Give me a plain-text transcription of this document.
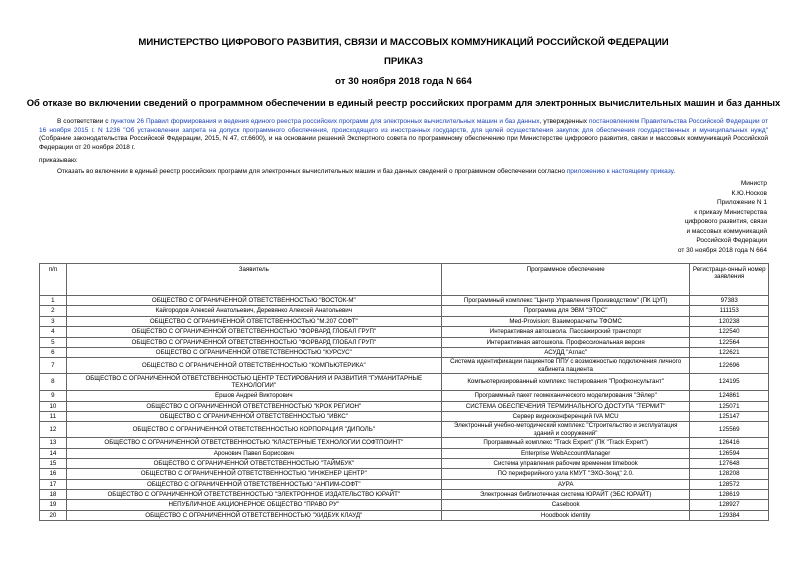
МИНИСТЕРСТВО ЦИФРОВОГО РАЗВИТИЯ, СВЯЗИ И МАССОВЫХ КОММУНИКАЦИЙ РОССИЙСКОЙ ФЕДЕРАЦИИ
ПРИКАЗ
от 30 ноября 2018 года N 664
Об отказе во включении сведений о программном обеспечении в единый реестр российских программ для электронных вычислительных машин и баз данных
В соответствии с пунктом 26 Правил формирования и ведения единого реестра российских программ для электронных вычислительных машин и баз данных, утвержденных постановлением Правительства Российской Федерации от 16 ноября 2015 г. N 1236 "Об установлении запрета на допуск программного обеспечения, происходящего из иностранных государств, для целей осуществления закупок для обеспечения государственных и муниципальных нужд" (Собрание законодательства Российской Федерации, 2015, N 47, ст.6600), и на основании решений Экспертного совета по программному обеспечению при Министерстве цифрового развития, связи и массовых коммуникаций Российской Федерации от 20 ноября 2018 г.
приказываю:
Отказать во включении в единый реестр российских программ для электронных вычислительных машин и баз данных сведений о программном обеспечении согласно приложению к настоящему приказу.
Министр
К.Ю.Носков
Приложение N 1
к приказу Министерства
цифрового развития, связи
и массовых коммуникаций
Российской Федерации
от 30 ноября 2018 года N 664
п/п	Заявитель	Программное обеспечение	Регистраци-онный номер заявления
1	ОБЩЕСТВО С ОГРАНИЧЕННОЙ ОТВЕТСТВЕННОСТЬЮ "ВОСТОК-М"	Программный комплекс "Центр Управления Производством" (ПК ЦУП)	97383
2	Кайгородов Алексей Анатольевич, Деревянко Алексей Анатольевич	Программа для ЭВМ "ЭТОС"	111153
3	ОБЩЕСТВО С ОГРАНИЧЕННОЙ ОТВЕТСТВЕННОСТЬЮ "М.207 СОФТ"	Med-Provision: Взаиморасчеты ТФОМС	120238
4	ОБЩЕСТВО С ОГРАНИЧЕННОЙ ОТВЕТСТВЕННОСТЬЮ "ФОРВАРД ГЛОБАЛ ГРУП"	Интерактивная автошкола. Пассажирский транспорт	122540
5	ОБЩЕСТВО С ОГРАНИЧЕННОЙ ОТВЕТСТВЕННОСТЬЮ "ФОРВАРД ГЛОБАЛ ГРУП"	Интерактивная автошкола. Профессиональная версия	122564
6	ОБЩЕСТВО С ОГРАНИЧЕННОЙ ОТВЕТСТВЕННОСТЬЮ "КУРСУС"	АСУДД "Аглас"	122621
7	ОБЩЕСТВО С ОГРАНИЧЕННОЙ ОТВЕТСТВЕННОСТЬЮ "КОМПЬЮТЕРИКА"	Система идентификации пациентов ППУ с возможностью подключения личного кабинета пациента	122696
8	ОБЩЕСТВО С ОГРАНИЧЕННОЙ ОТВЕТСТВЕННОСТЬЮ ЦЕНТР ТЕСТИРОВАНИЯ И РАЗВИТИЯ "ГУМАНИТАРНЫЕ ТЕХНОЛОГИИ"	Компьютеризированный комплекс тестирования "Профконсультант"	124195
9	Ершов Андрей Викторович	Программный пакет геомеханического моделирования "Эйлер"	124861
10	ОБЩЕСТВО С ОГРАНИЧЕННОЙ ОТВЕТСТВЕННОСТЬЮ "КРОК РЕГИОН"	СИСТЕМА ОБЕСПЕЧЕНИЯ ТЕРМИНАЛЬНОГО ДОСТУПА "ТЕРМИТ"	125071
11	ОБЩЕСТВО С ОГРАНИЧЕННОЙ ОТВЕТСТВЕННОСТЬЮ "ИВКС"	Сервер видеоконференций IVA MCU	125147
12	ОБЩЕСТВО С ОГРАНИЧЕННОЙ ОТВЕТСТВЕННОСТЬЮ КОРПОРАЦИЯ "ДИПОЛЬ"	Электронный учебно-методический комплекс "Строительство и эксплуатация зданий и сооружений"	125569
13	ОБЩЕСТВО С ОГРАНИЧЕННОЙ ОТВЕТСТВЕННОСТЬЮ "КЛАСТЕРНЫЕ ТЕХНОЛОГИИ СОФТПОИНТ"	Программный комплекс "Track Expert" (ПК "Track Expert")	126416
14	Аронович Павел Борисович	Enterprise WebAccountManager	126594
15	ОБЩЕСТВО С ОГРАНИЧЕННОЙ ОТВЕТСТВЕННОСТЬЮ "ТАЙМБУК"	Система управления рабочим временем timebook	127648
16	ОБЩЕСТВО С ОГРАНИЧЕННОЙ ОТВЕТСТВЕННОСТЬЮ "ИНЖЕНЕР ЦЕНТР"	ПО периферийного узла КМУТ "ЭХО-Зонд" 2.0.	128208
17	ОБЩЕСТВО С ОГРАНИЧЕННОЙ ОТВЕТСТВЕННОСТЬЮ "АНПИМ-СОФТ"	АУРА	128572
18	ОБЩЕСТВО С ОГРАНИЧЕННОЙ ОТВЕТСТВЕННОСТЬЮ "ЭЛЕКТРОННОЕ ИЗДАТЕЛЬСТВО ЮРАЙТ"	Электронная библиотечная система ЮРАЙТ (ЭБС ЮРАЙТ)	128619
19	НЕПУБЛИЧНОЕ АКЦИОНЕРНОЕ ОБЩЕСТВО "ПРАВО РУ"	Casebook	128927
20	ОБЩЕСТВО С ОГРАНИЧЕННОЙ ОТВЕТСТВЕННОСТЬЮ "ХИДБУК КЛАУД"	Hoodbook identity	129384
